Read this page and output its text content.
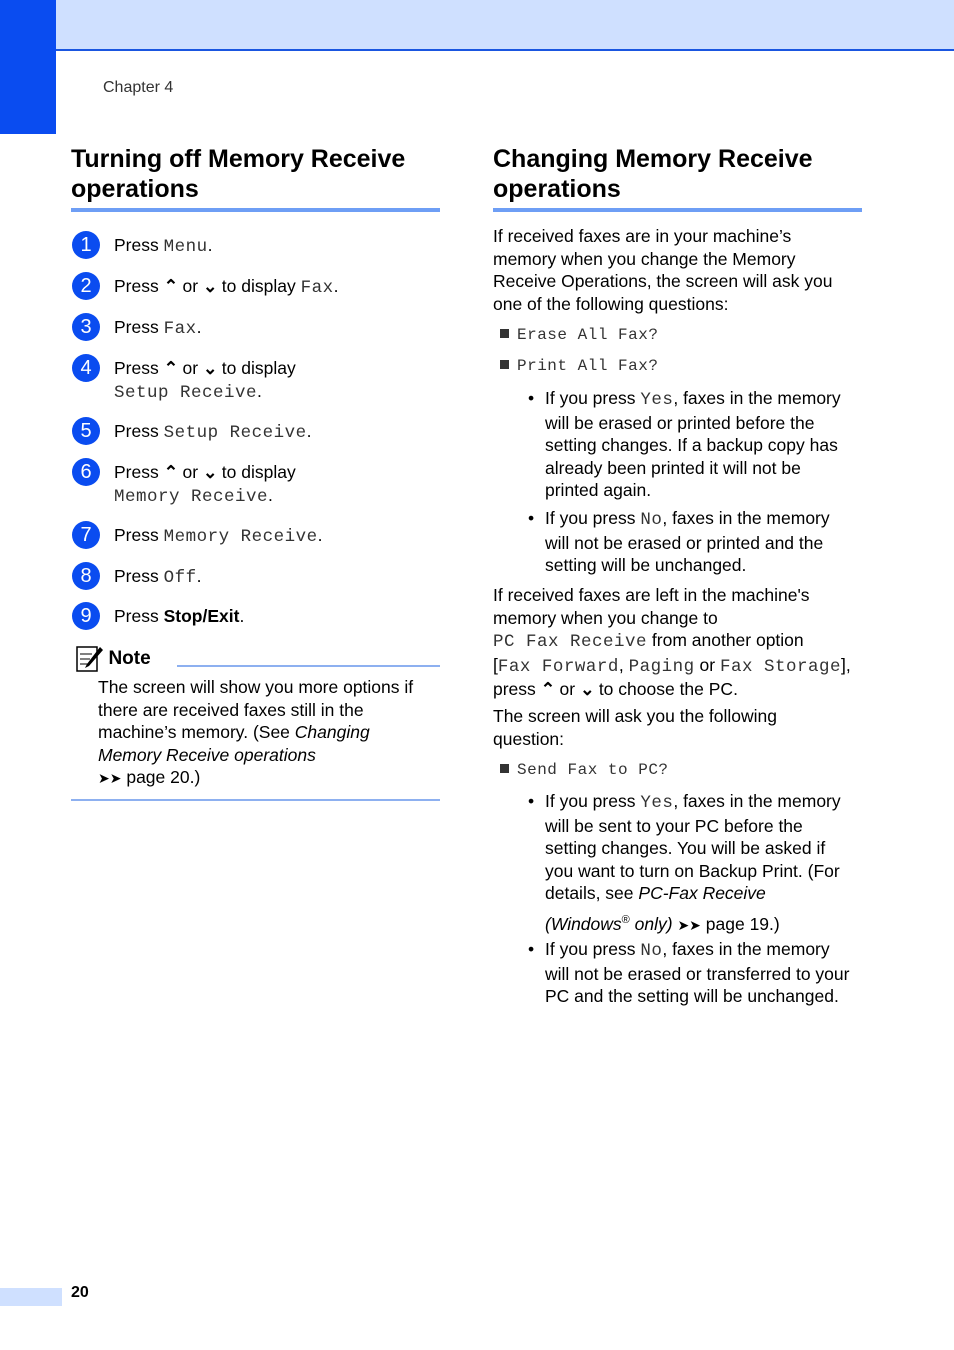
Chapter 4
Turning off Memory Receive
operations
1	Press Menu.
2	Press ⌃ or ⌄ to display Fax.
3	Press Fax.
4	Press ⌃ or ⌄ to display
Setup Receive.
5	Press Setup Receive.
6	Press ⌃ or ⌄ to display
Memory Receive.
7	Press Memory Receive.
8	Press Off.
9	Press Stop/Exit.
Note
The screen will show you more options if
there are received faxes still in the
machine’s memory. (See Changing
Memory Receive operations
➤➤ page 20.)
Changing Memory Receive
operations
If received faxes are in your machine’s
memory when you change the Memory
Receive Operations, the screen will ask you
one of the following questions:
Erase All Fax?
Print All Fax?
• If you press Yes, faxes in the memory
will be erased or printed before the
setting changes. If a backup copy has
already been printed it will not be
printed again.
• If you press No, faxes in the memory
will not be erased or printed and the
setting will be unchanged.
If received faxes are left in the machine's
memory when you change to
PC Fax Receive from another option
[Fax Forward, Paging or Fax Storage],
press ⌃ or ⌄ to choose the PC.
The screen will ask you the following
question:
Send Fax to PC?
• If you press Yes, faxes in the memory
will be sent to your PC before the
setting changes. You will be asked if
you want to turn on Backup Print. (For
details, see PC-Fax Receive
(Windows® only) ➤➤ page 19.)
• If you press No, faxes in the memory
will not be erased or transferred to your
PC and the setting will be unchanged.
20
